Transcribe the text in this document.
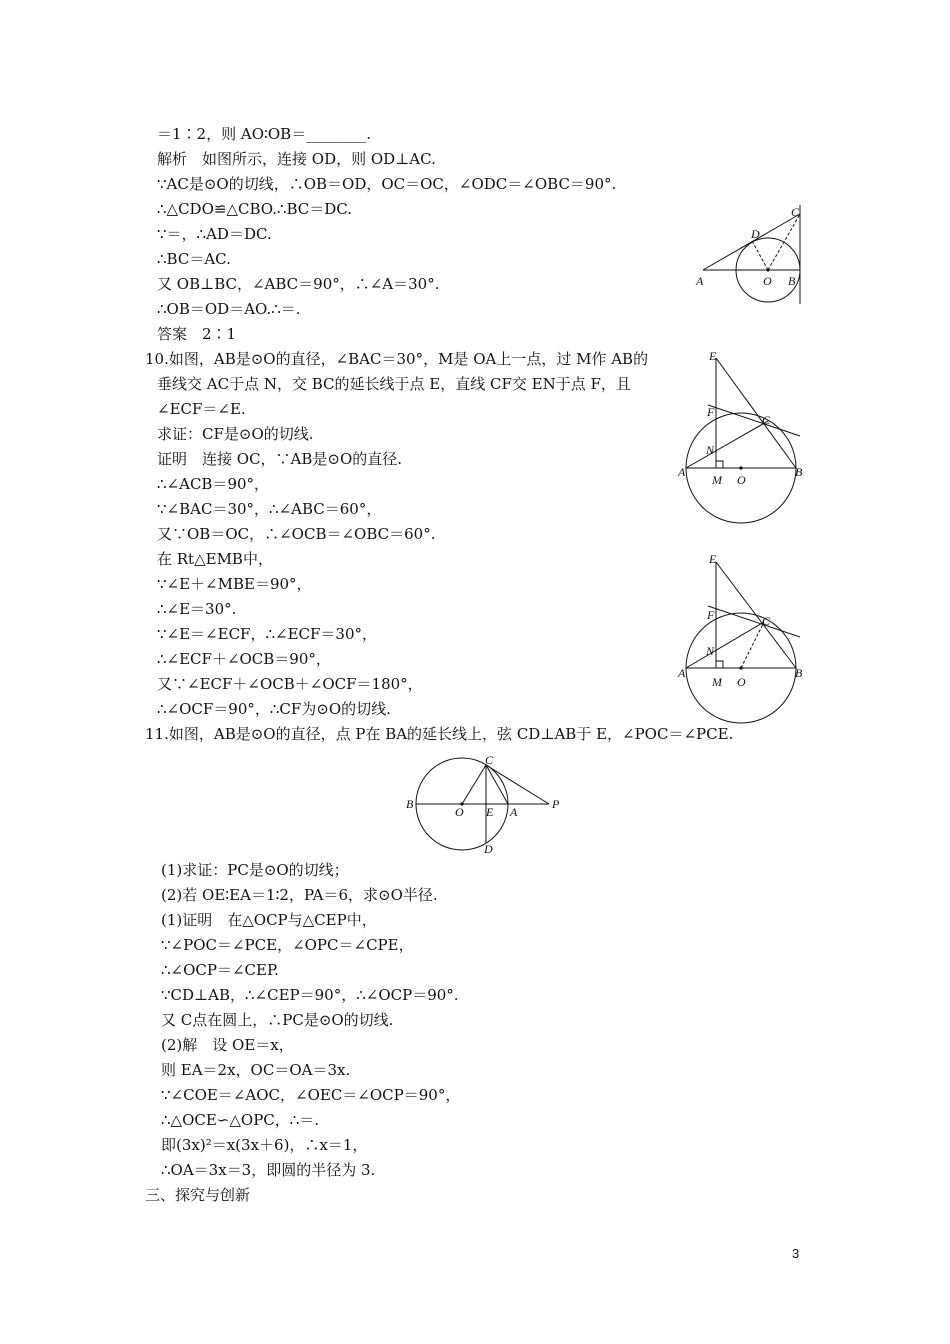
＝1∶2，则 AO∶OB＝________.
解析　如图所示，连接 OD，则 OD⊥AC.
∵AC是⊙O的切线，∴OB＝OD，OC＝OC，∠ODC＝∠OBC＝90°.
∴△CDO≌△CBO.∴BC＝DC.
∵＝，∴AD＝DC.
∴BC＝AC.
又 OB⊥BC，∠ABC＝90°，∴∠A＝30°.
∴OB＝OD＝AO.∴＝.
答案　2∶1
10.如图，AB是⊙O的直径，∠BAC＝30°，M是 OA上一点，过 M作 AB的
垂线交 AC于点 N，交 BC的延长线于点 E，直线 CF交 EN于点 F，且
∠ECF＝∠E.
求证：CF是⊙O的切线.
证明　连接 OC，∵AB是⊙O的直径.
∴∠ACB＝90°，
∵∠BAC＝30°，∴∠ABC＝60°，
又∵OB＝OC，∴∠OCB＝∠OBC＝60°.
在 Rt△EMB中，
∵∠E＋∠MBE＝90°，
∴∠E＝30°.
∵∠E＝∠ECF，∴∠ECF＝30°，
∴∠ECF＋∠OCB＝90°，
又∵∠ECF＋∠OCB＋∠OCF＝180°，
∴∠OCF＝90°，∴CF为⊙O的切线.
11.如图，AB是⊙O的直径，点 P在 BA的延长线上，弦 CD⊥AB于 E，∠POC＝∠PCE.
(1)求证：PC是⊙O的切线；
(2)若 OE∶EA＝1∶2，PA＝6，求⊙O半径.
(1)证明　在△OCP与△CEP中，
∵∠POC＝∠PCE，∠OPC＝∠CPE，
∴∠OCP＝∠CEP.
∵CD⊥AB，∴∠CEP＝90°，∴∠OCP＝90°.
又 C点在圆上，∴PC是⊙O的切线.
(2)解　设 OE＝x，
则 EA＝2x，OC＝OA＝3x.
∵∠COE＝∠AOC，∠OEC＝∠OCP＝90°，
∴△OCE∽△OPC，∴＝.
即(3x)²＝x(3x＋6)，∴x＝1，
∴OA＝3x＝3，即圆的半径为 3.
三、探究与创新
A	B
C
D
O
E
F
C
N
A
M O
B
E
F	C
N
A
M O
B
C
B
O E A
P
D
3
